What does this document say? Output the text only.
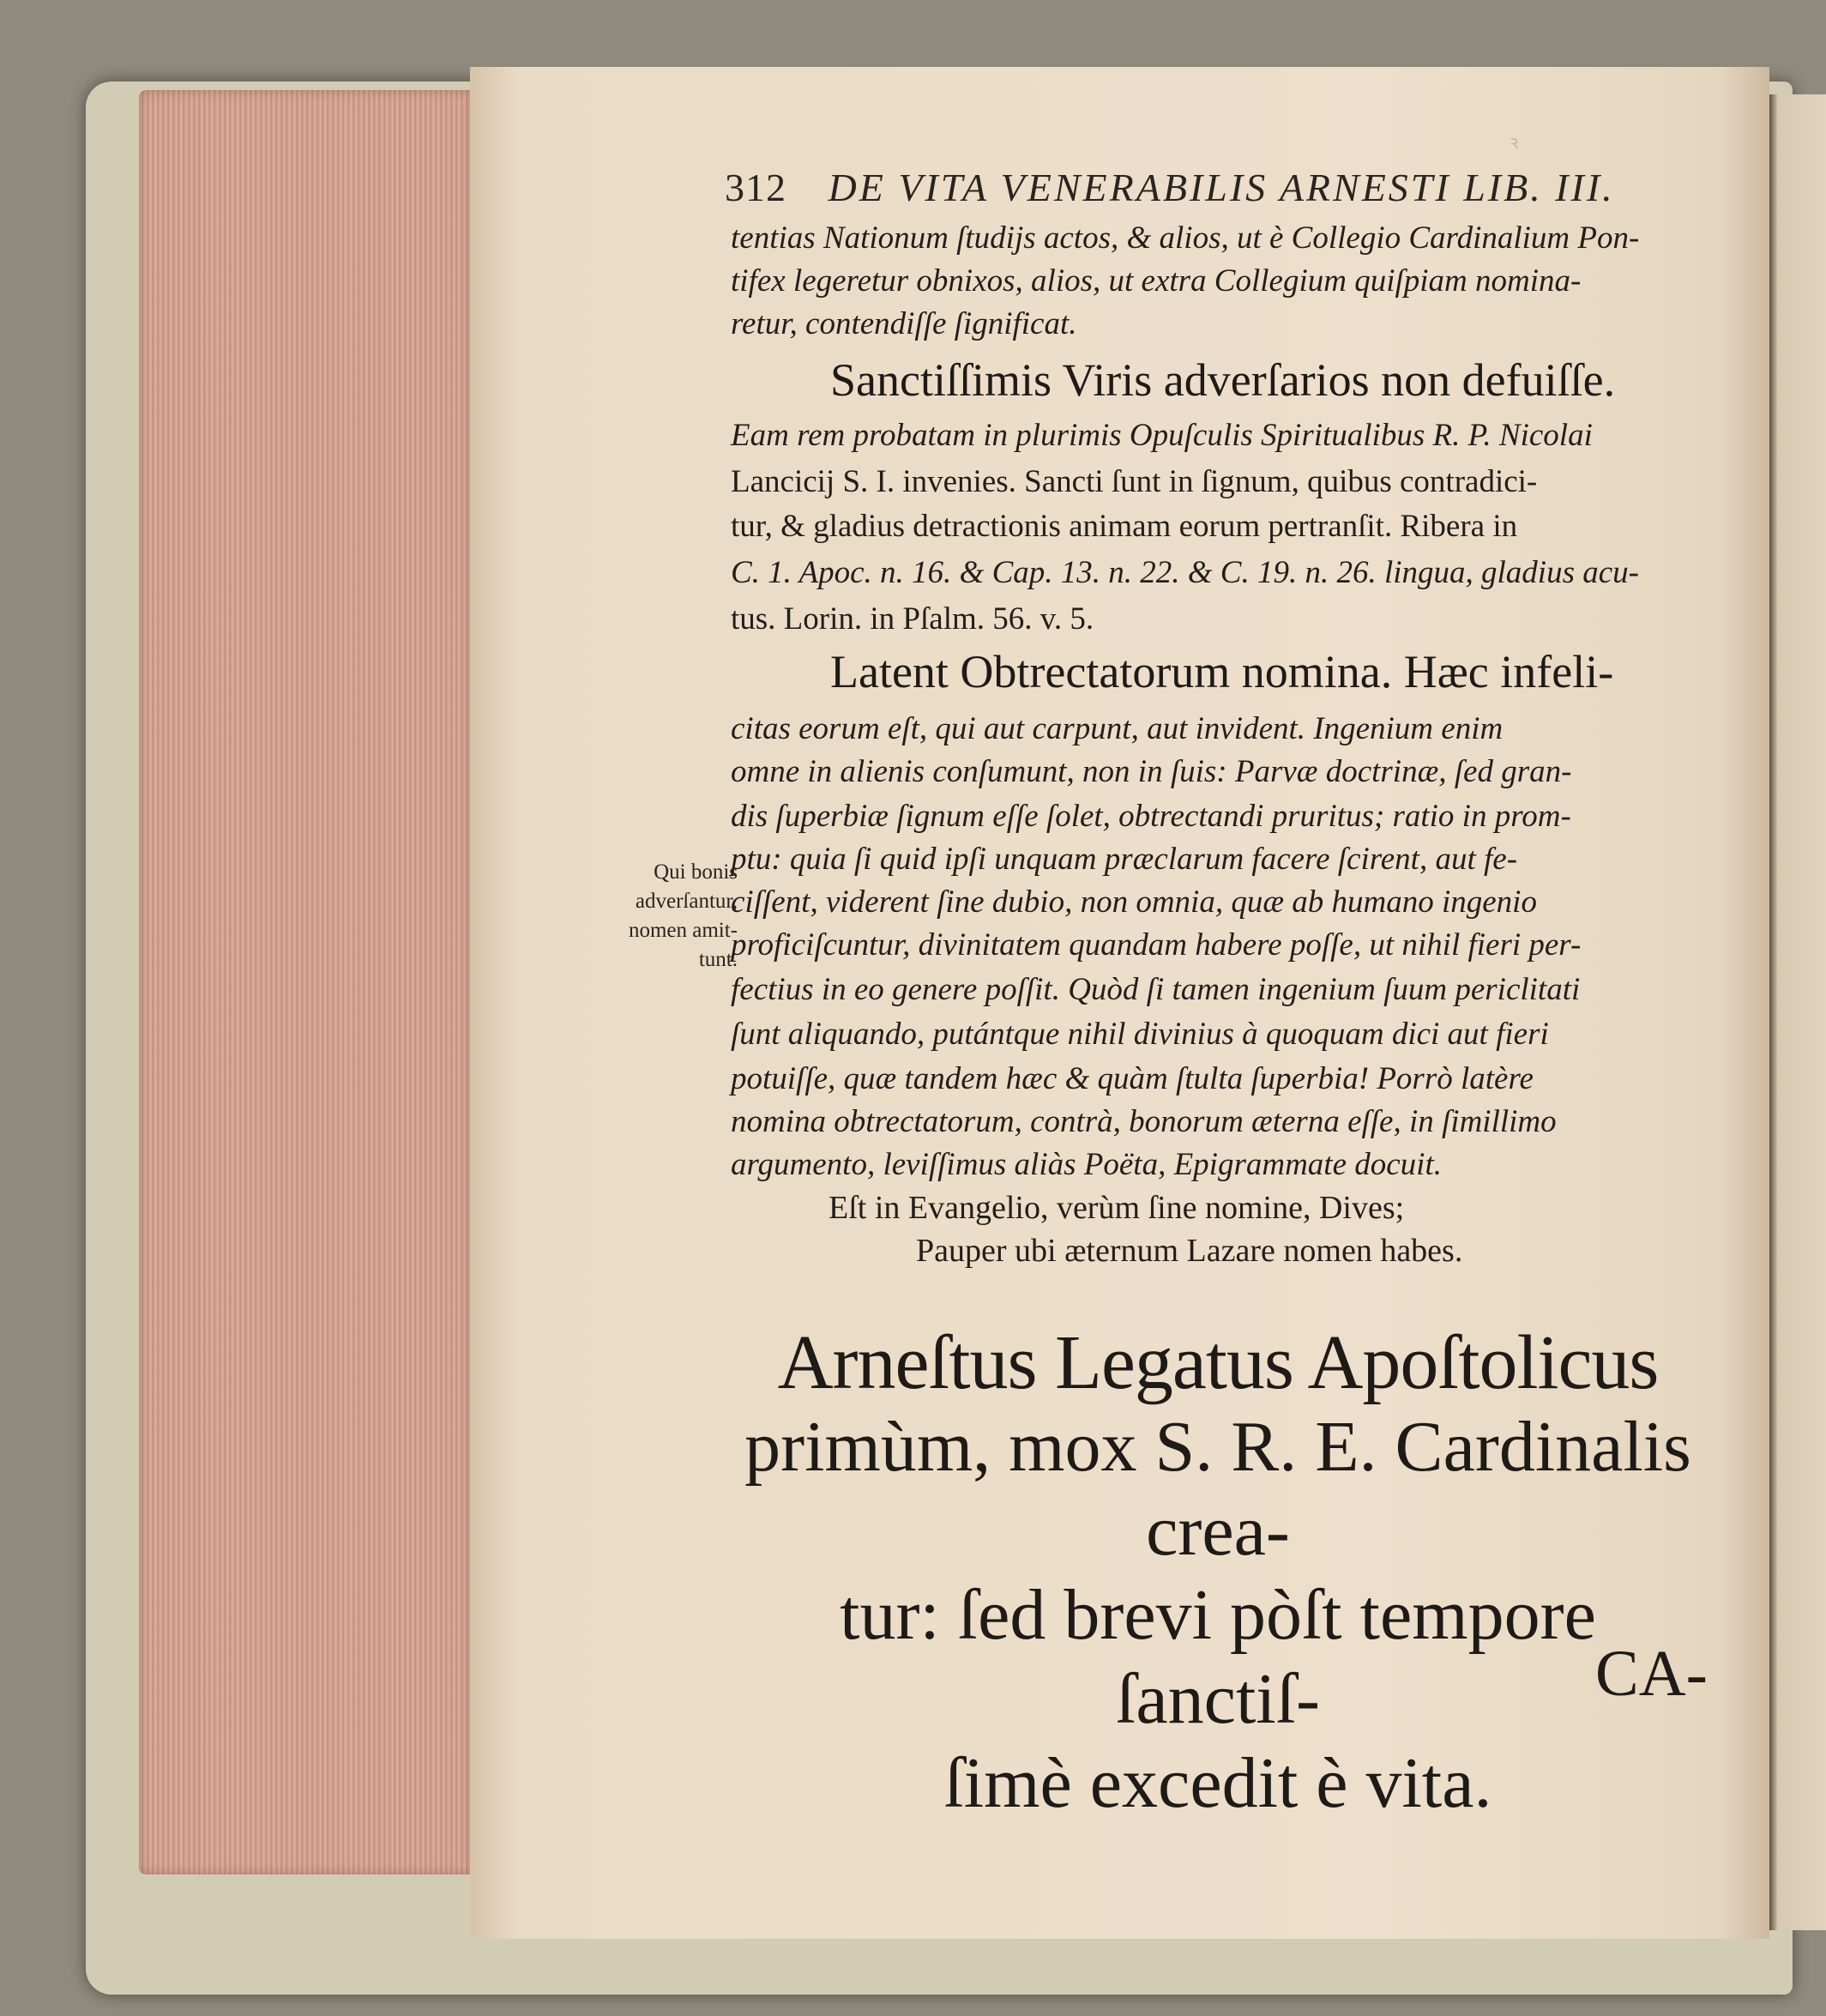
ꝛ
312 DE VITA VENERABILIS ARNESTI LIB. III.
tentias Nationum ſtudijs actos, & alios, ut è Collegio Cardinalium Pon-
tifex legeretur obnixos, alios, ut extra Collegium quiſpiam nomina-
retur, contendiſſe ſignificat.
Sanctiſſimis Viris adverſarios non defuiſſe.
Eam rem probatam in plurimis Opuſculis Spiritualibus R. P. Nicolai
Lancicij S. I. invenies. Sancti ſunt in ſignum, quibus contradici-
tur, & gladius detractionis animam eorum pertranſit. Ribera in
C. 1. Apoc. n. 16. & Cap. 13. n. 22. & C. 19. n. 26. lingua, gladius acu-
tus. Lorin. in Pſalm. 56. v. 5.
Latent Obtrectatorum nomina. Hæc infeli-
citas eorum eſt, qui aut carpunt, aut invident. Ingenium enim
omne in alienis conſumunt, non in ſuis: Parvæ doctrinæ, ſed gran-
dis ſuperbiæ ſignum eſſe ſolet, obtrectandi pruritus; ratio in prom-
ptu: quia ſi quid ipſi unquam præclarum facere ſcirent, aut fe-
ciſſent, viderent ſine dubio, non omnia, quæ ab humano ingenio
proficiſcuntur, divinitatem quandam habere poſſe, ut nihil fieri per-
fectius in eo genere poſſit. Quòd ſi tamen ingenium ſuum periclitati
ſunt aliquando, putántque nihil divinius à quoquam dici aut fieri
potuiſſe, quæ tandem hæc & quàm ſtulta ſuperbia! Porrò latère
nomina obtrectatorum, contrà, bonorum æterna eſſe, in ſimillimo
argumento, leviſſimus aliàs Poëta, Epigrammate docuit.
Eſt in Evangelio, verùm ſine nomine, Dives;
Pauper ubi æternum Lazare nomen habes.
Qui bonis
adverſantur,
nomen amit-
tunt.
Arneſtus Legatus Apoſtolicus
primùm, mox S. R. E. Cardinalis crea-
tur: ſed brevi pòſt tempore ſanctiſ-
ſimè excedit è vita.
CA-
